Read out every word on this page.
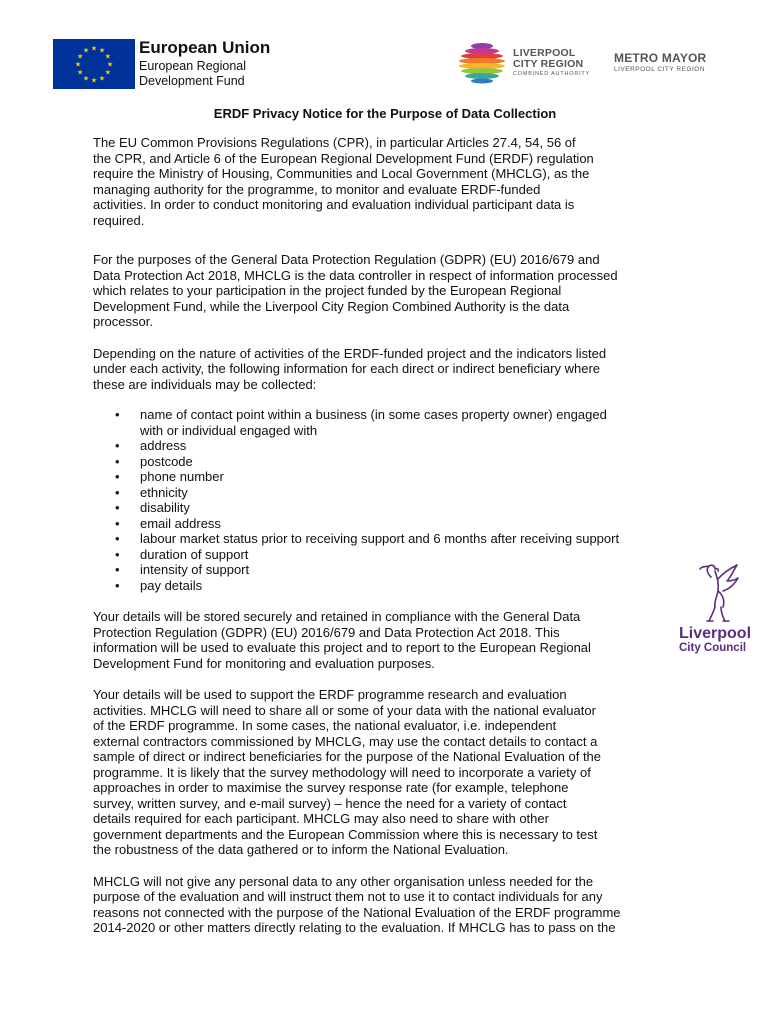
★ ★
★
★
★
★
★
★
★
★
★
★	European Union
European Regional
Development Fund
LIVERPOOL
CITY REGION
COMBINED AUTHORITY
METRO MAYOR
LIVERPOOL CITY REGION
ERDF Privacy Notice for the Purpose of Data Collection

The EU Common Provisions Regulations (CPR), in particular Articles 27.4, 54, 56 of
the CPR, and Article 6 of the European Regional Development Fund (ERDF) regulation
require the Ministry of Housing, Communities and Local Government (MHCLG), as the
managing authority for the programme, to monitor and evaluate ERDF-funded
activities. In order to conduct monitoring and evaluation individual participant data is
required.

For the purposes of the General Data Protection Regulation (GDPR) (EU) 2016/679 and
Data Protection Act 2018, MHCLG is the data controller in respect of information processed
which relates to your participation in the project funded by the European Regional
Development Fund, while the Liverpool City Region Combined Authority is the data
processor.

Depending on the nature of activities of the ERDF-funded project and the indicators listed
under each activity, the following information for each direct or indirect beneficiary where
these are individuals may be collected:

• name of contact point within a business (in some cases property owner) engaged
with or individual engaged with
• address
• postcode
• phone number
• ethnicity
• disability
• email address
• labour market status prior to receiving support and 6 months after receiving support
• duration of support
• intensity of support
• pay details

Your details will be stored securely and retained in compliance with the General Data
Protection Regulation (GDPR) (EU) 2016/679 and Data Protection Act 2018. This
information will be used to evaluate this project and to report to the European Regional
Development Fund for monitoring and evaluation purposes.

Your details will be used to support the ERDF programme research and evaluation
activities. MHCLG will need to share all or some of your data with the national evaluator
of the ERDF programme. In some cases, the national evaluator, i.e. independent
external contractors commissioned by MHCLG, may use the contact details to contact a
sample of direct or indirect beneficiaries for the purpose of the National Evaluation of the
programme. It is likely that the survey methodology will need to incorporate a variety of
approaches in order to maximise the survey response rate (for example, telephone
survey, written survey, and e-mail survey) – hence the need for a variety of contact
details required for each participant. MHCLG may also need to share with other
government departments and the European Commission where this is necessary to test
the robustness of the data gathered or to inform the National Evaluation.

MHCLG will not give any personal data to any other organisation unless needed for the
purpose of the evaluation and will instruct them not to use it to contact individuals for any
reasons not connected with the purpose of the National Evaluation of the ERDF programme
2014-2020 or other matters directly relating to the evaluation. If MHCLG has to pass on the

Liverpool
City Council
